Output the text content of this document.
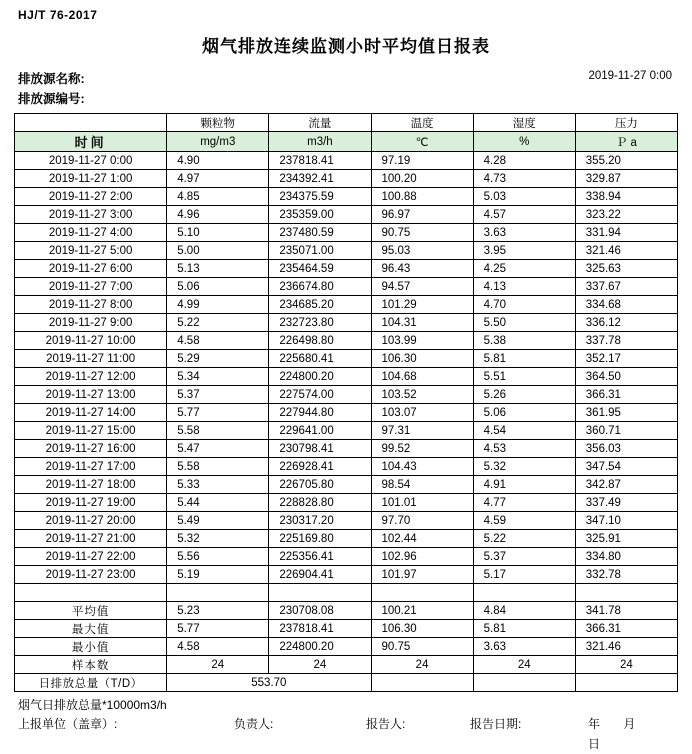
HJ/T 76-2017
烟气排放连续监测小时平均值日报表
排放源名称:
排放源编号:
2019-11-27 0:00
	颗粒物	流量	温度	湿度	压力
时间	mg/m3	m3/h	℃	%	Ｐ a
2019-11-27 0:00	4.90	237818.41	97.19	4.28	355.20
2019-11-27 1:00	4.97	234392.41	100.20	4.73	329.87
2019-11-27 2:00	4.85	234375.59	100.88	5.03	338.94
2019-11-27 3:00	4.96	235359.00	96.97	4.57	323.22
2019-11-27 4:00	5.10	237480.59	90.75	3.63	331.94
2019-11-27 5:00	5.00	235071.00	95.03	3.95	321.46
2019-11-27 6:00	5.13	235464.59	96.43	4.25	325.63
2019-11-27 7:00	5.06	236674.80	94.57	4.13	337.67
2019-11-27 8:00	4.99	234685.20	101.29	4.70	334.68
2019-11-27 9:00	5.22	232723.80	104.31	5.50	336.12
2019-11-27 10:00	4.58	226498.80	103.99	5.38	337.78
2019-11-27 11:00	5.29	225680.41	106.30	5.81	352.17
2019-11-27 12:00	5.34	224800.20	104.68	5.51	364.50
2019-11-27 13:00	5.37	227574.00	103.52	5.26	366.31
2019-11-27 14:00	5.77	227944.80	103.07	5.06	361.95
2019-11-27 15:00	5.58	229641.00	97.31	4.54	360.71
2019-11-27 16:00	5.47	230798.41	99.52	4.53	356.03
2019-11-27 17:00	5.58	226928.41	104.43	5.32	347.54
2019-11-27 18:00	5.33	226705.80	98.54	4.91	342.87
2019-11-27 19:00	5.44	228828.80	101.01	4.77	337.49
2019-11-27 20:00	5.49	230317.20	97.70	4.59	347.10
2019-11-27 21:00	5.32	225169.80	102.44	5.22	325.91
2019-11-27 22:00	5.56	225356.41	102.96	5.37	334.80
2019-11-27 23:00	5.19	226904.41	101.97	5.17	332.78

平均值	5.23	230708.08	100.21	4.84	341.78
最大值	5.77	237818.41	106.30	5.81	366.31
最小值	4.58	224800.20	90.75	3.63	321.46
样本数	24	24	24	24	24
日排放总量（T/D）	553.70				
烟气日排放总量*10000m3/h
上报单位（盖章）:	负责人:	报告人:	报告日期:	年 月 日
